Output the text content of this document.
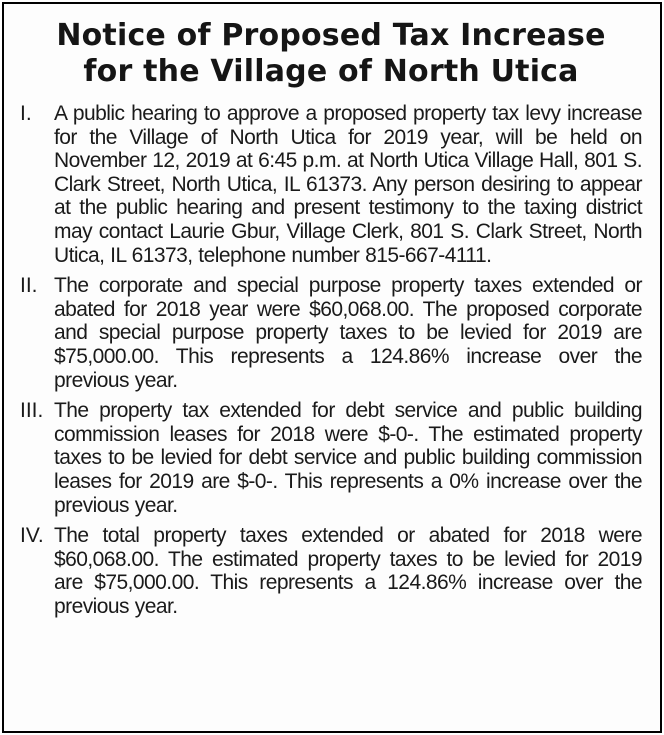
Notice of Proposed Tax Increase
for the Village of North Utica
I.	A public hearing to approve a proposed property tax levy increase for the Village of North Utica for 2019 year, will be held on November 12, 2019 at 6:45 p.m. at North Utica Village Hall, 801 S. Clark Street, North Utica, IL 61373. Any person desiring to appear at the public hearing and present testimony to the taxing district may contact Laurie Gbur, Village Clerk, 801 S. Clark Street, North Utica, IL 61373, telephone number 815-667-4111.
II. The corporate and special purpose property taxes extended or abated for 2018 year were $60,068.00. The proposed corporate and special purpose property taxes to be levied for 2019 are $75,000.00. This represents a 124.86% increase over the previous year.
III. The property tax extended for debt service and public building commission leases for 2018 were $-0-. The estimated property taxes to be levied for debt service and public building commission leases for 2019 are $-0-. This represents a 0% increase over the previous year.
IV. The total property taxes extended or abated for 2018 were $60,068.00. The estimated property taxes to be levied for 2019 are $75,000.00. This represents a 124.86% increase over the previous year.
